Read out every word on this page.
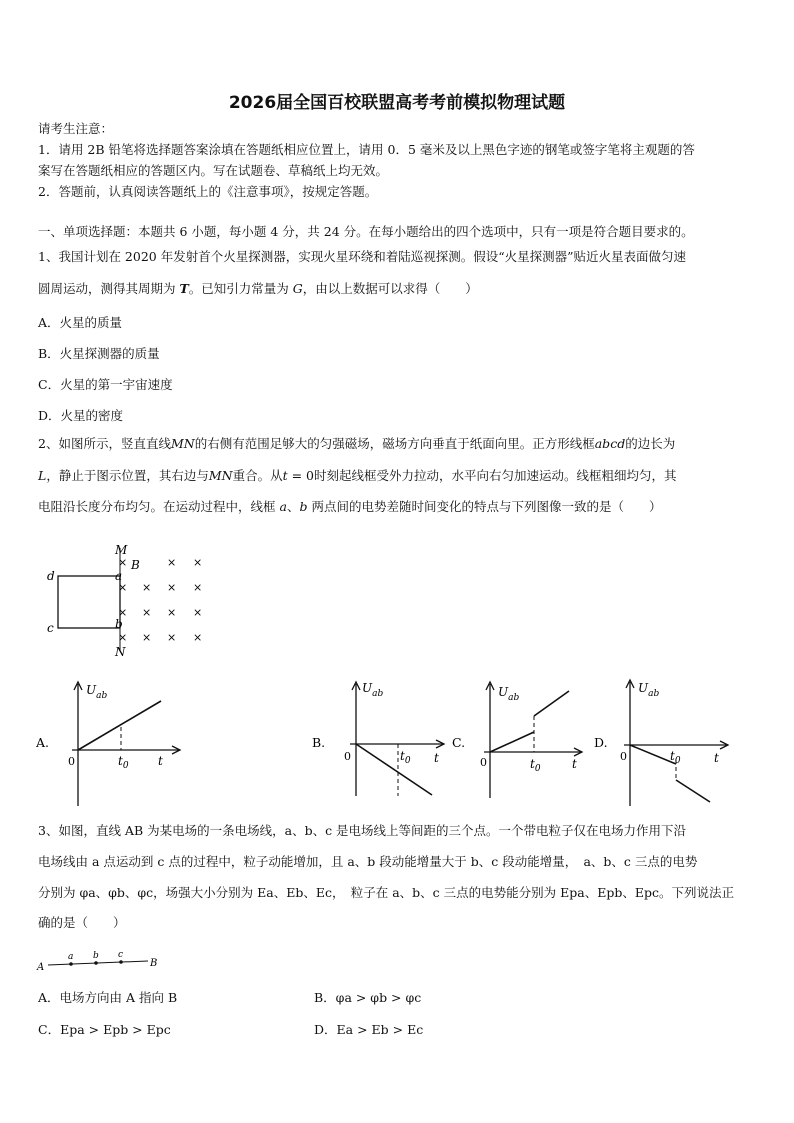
2026届全国百校联盟高考考前模拟物理试题
请考生注意：
1．请用 2B 铅笔将选择题答案涂填在答题纸相应位置上，请用 0．5 毫米及以上黑色字迹的钢笔或签字笔将主观题的答
案写在答题纸相应的答题区内。写在试题卷、草稿纸上均无效。
2．答题前，认真阅读答题纸上的《注意事项》，按规定答题。
一、单项选择题：本题共 6 小题，每小题 4 分，共 24 分。在每小题给出的四个选项中，只有一项是符合题目要求的。
1、我国计划在 2020 年发射首个火星探测器，实现火星环绕和着陆巡视探测。假设“火星探测器”贴近火星表面做匀速
圆周运动，测得其周期为 T。已知引力常量为 G，由以上数据可以求得（　　）
A．火星的质量
B．火星探测器的质量
C．火星的第一宇宙速度
D．火星的密度
2、如图所示，竖直直线MN的右侧有范围足够大的匀强磁场，磁场方向垂直于纸面向里。正方形线框abcd的边长为
L，静止于图示位置，其右边与MN重合。从t = 0时刻起线框受外力拉动，水平向右匀加速运动。线框粗细均匀，其
电阻沿长度分布均匀。在运动过程中，线框 a、b 两点间的电势差随时间变化的特点与下列图像一致的是（　　）
M
N
B
a
b
c
d
×	× ×
× × × ×
× × × ×
× × × ×
A.
$U_{ab}$
t
0	$t_0$
B.
$U_{ab}$
t
0	$t_0$
C.
$U_{ab}$
t
0	$t_0$
D.
$U_{ab}$
t
0	$t_0$
3、如图，直线 AB 为某电场的一条电场线，a、b、c 是电场线上等间距的三个点。一个带电粒子仅在电场力作用下沿
电场线由 a 点运动到 c 点的过程中，粒子动能增加，且 a、b 段动能增量大于 b、c 段动能增量，　a、b、c 三点的电势
分别为 φa、φb、φc，场强大小分别为 Ea、Eb、Ec，　粒子在 a、b、c 三点的电势能分别为 Epa、Epb、Epc。下列说法正
确的是（　　）
A	B
a b c
A．电场方向由 A 指向 B	B．φa > φb > φc
C．Epa > Epb > Epc	D．Ea > Eb > Ec
